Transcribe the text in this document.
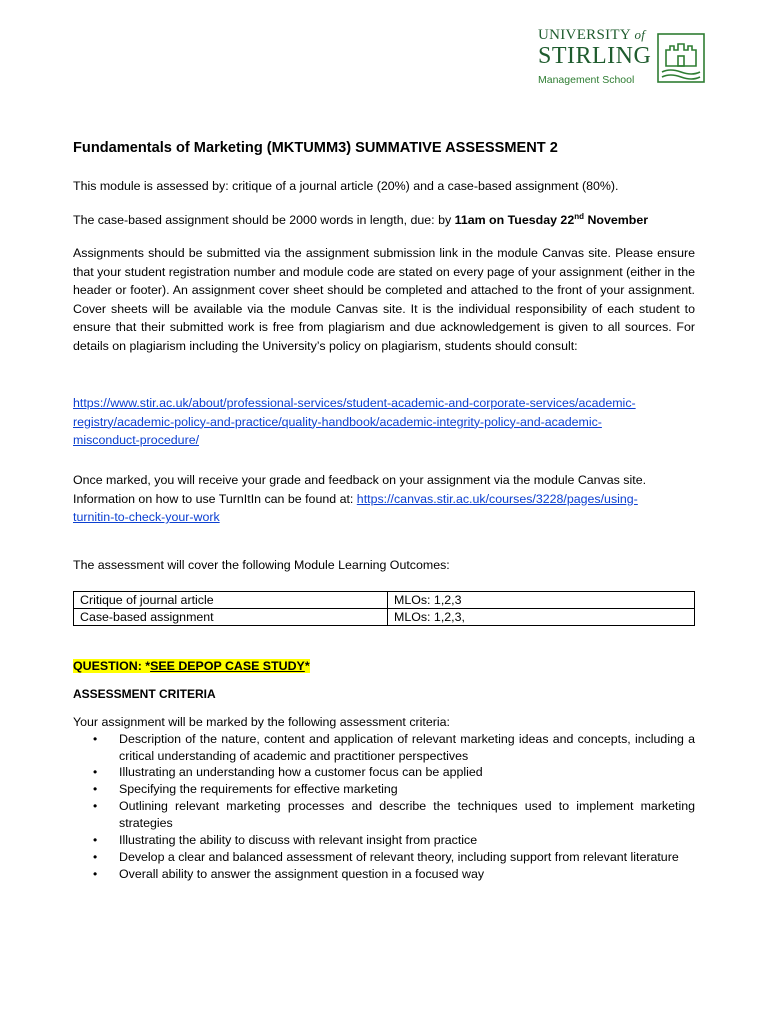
UNIVERSITY of
STIRLING
Management School
Fundamentals of Marketing (MKTUMM3) SUMMATIVE ASSESSMENT 2

This module is assessed by: critique of a journal article (20%) and a case-based assignment (80%).

The case-based assignment should be 2000 words in length, due: by 11am on Tuesday 22nd November

Assignments should be submitted via the assignment submission link in the module Canvas site. Please ensure that your student registration number and module code are stated on every page of your assignment (either in the header or footer). An assignment cover sheet should be completed and attached to the front of your assignment. Cover sheets will be available via the module Canvas site. It is the individual responsibility of each student to ensure that their submitted work is free from plagiarism and due acknowledgement is given to all sources. For details on plagiarism including the University’s policy on plagiarism, students should consult:

https://www.stir.ac.uk/about/professional-services/student-academic-and-corporate-services/academic-
registry/academic-policy-and-practice/quality-handbook/academic-integrity-policy-and-academic-
misconduct-procedure/

Once marked, you will receive your grade and feedback on your assignment via the module Canvas site.
Information on how to use TurnItIn can be found at: https://canvas.stir.ac.uk/courses/3228/pages/using-
turnitin-to-check-your-work

The assessment will cover the following Module Learning Outcomes:

Critique of journal article	MLOs: 1,2,3
Case-based assignment	MLOs: 1,2,3,
QUESTION: *SEE DEPOP CASE STUDY*

ASSESSMENT CRITERIA

Your assignment will be marked by the following assessment criteria:

• Description of the nature, content and application of relevant marketing ideas and concepts, including a critical understanding of academic and practitioner perspectives
• Illustrating an understanding how a customer focus can be applied
• Specifying the requirements for effective marketing
• Outlining relevant marketing processes and describe the techniques used to implement marketing strategies
• Illustrating the ability to discuss with relevant insight from practice
• Develop a clear and balanced assessment of relevant theory, including support from relevant literature
• Overall ability to answer the assignment question in a focused way
